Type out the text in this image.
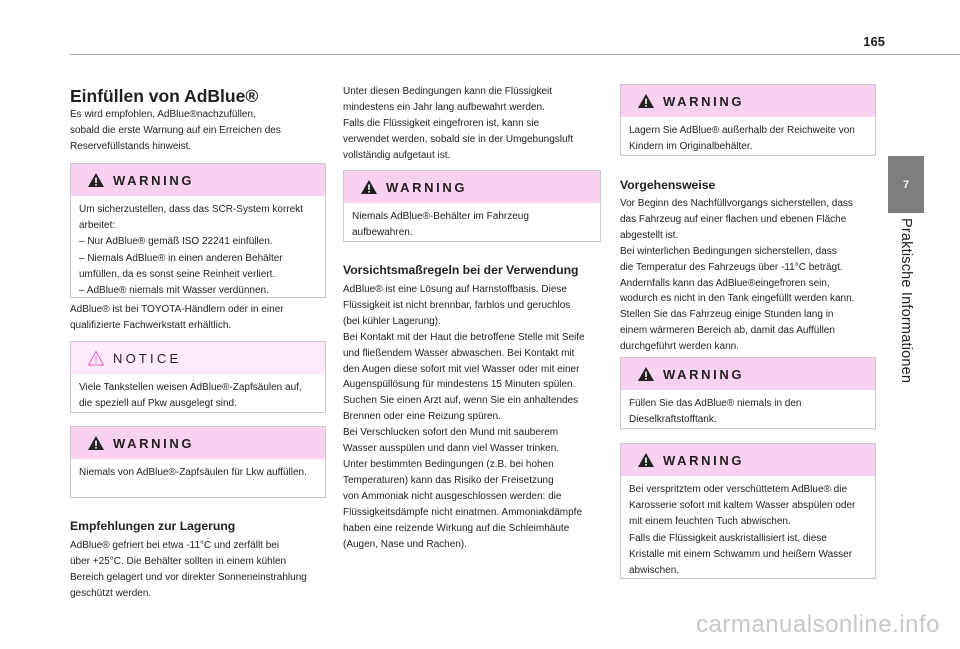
165
7
Praktische Informationen
Einfüllen von AdBlue®

Es wird empfohlen, AdBlue®nachzufüllen,
sobald die erste Warnung auf ein Erreichen des
Reservefüllstands hinweist.

WARNING

Um sicherzustellen, dass das SCR-System korrekt
arbeitet:
– Nur AdBlue® gemäß ISO 22241 einfüllen.
– Niemals AdBlue® in einen anderen Behälter
umfüllen, da es sonst seine Reinheit verliert.
– AdBlue® niemals mit Wasser verdünnen.

AdBlue® ist bei TOYOTA-Händlern oder in einer
qualifizierte Fachwerkstatt erhältlich.

NOTICE

Viele Tankstellen weisen AdBlue®-Zapfsäulen auf,
die speziell auf Pkw ausgelegt sind.

WARNING

Niemals von AdBlue®-Zapfsäulen für Lkw auffüllen.

Empfehlungen zur Lagerung

AdBlue® gefriert bei etwa -11°C und zerfällt bei
über +25°C. Die Behälter sollten in einem kühlen
Bereich gelagert und vor direkter Sonneneinstrahlung
geschützt werden.

Unter diesen Bedingungen kann die Flüssigkeit
mindestens ein Jahr lang aufbewahrt werden.
Falls die Flüssigkeit eingefroren ist, kann sie
verwendet werden, sobald sie in der Umgebungsluft
vollständig aufgetaut ist.

WARNING

Niemals AdBlue®-Behälter im Fahrzeug
aufbewahren.

Vorsichtsmaßregeln bei der Verwendung

AdBlue® ist eine Lösung auf Harnstoffbasis. Diese
Flüssigkeit ist nicht brennbar, farblos und geruchlos
(bei kühler Lagerung).
Bei Kontakt mit der Haut die betroffene Stelle mit Seife
und fließendem Wasser abwaschen. Bei Kontakt mit
den Augen diese sofort mit viel Wasser oder mit einer
Augenspüllösung für mindestens 15 Minuten spülen.
Suchen Sie einen Arzt auf, wenn Sie ein anhaltendes
Brennen oder eine Reizung spüren.
Bei Verschlucken sofort den Mund mit sauberem
Wasser ausspülen und dann viel Wasser trinken.
Unter bestimmten Bedingungen (z.B. bei hohen
Temperaturen) kann das Risiko der Freisetzung
von Ammoniak nicht ausgeschlossen werden: die
Flüssigkeitsdämpfe nicht einatmen. Ammoniakdämpfe
haben eine reizende Wirkung auf die Schleimhäute
(Augen, Nase und Rachen).

WARNING

Lagern Sie AdBlue® außerhalb der Reichweite von
Kindern im Originalbehälter.

Vorgehensweise

Vor Beginn des Nachfüllvorgangs sicherstellen, dass
das Fahrzeug auf einer flachen und ebenen Fläche
abgestellt ist.
Bei winterlichen Bedingungen sicherstellen, dass
die Temperatur des Fahrzeugs über -11°C beträgt.
Andernfalls kann das AdBlue®eingefroren sein,
wodurch es nicht in den Tank eingefüllt werden kann.
Stellen Sie das Fahrzeug einige Stunden lang in
einem wärmeren Bereich ab, damit das Auffüllen
durchgeführt werden kann.

WARNING

Füllen Sie das AdBlue® niemals in den
Dieselkraftstofftank.

WARNING

Bei verspritztem oder verschüttetem AdBlue® die
Karosserie sofort mit kaltem Wasser abspülen oder
mit einem feuchten Tuch abwischen.
Falls die Flüssigkeit auskristallisiert ist, diese
Kristalle mit einem Schwamm und heißem Wasser
abwischen.

carmanualsonline.info
